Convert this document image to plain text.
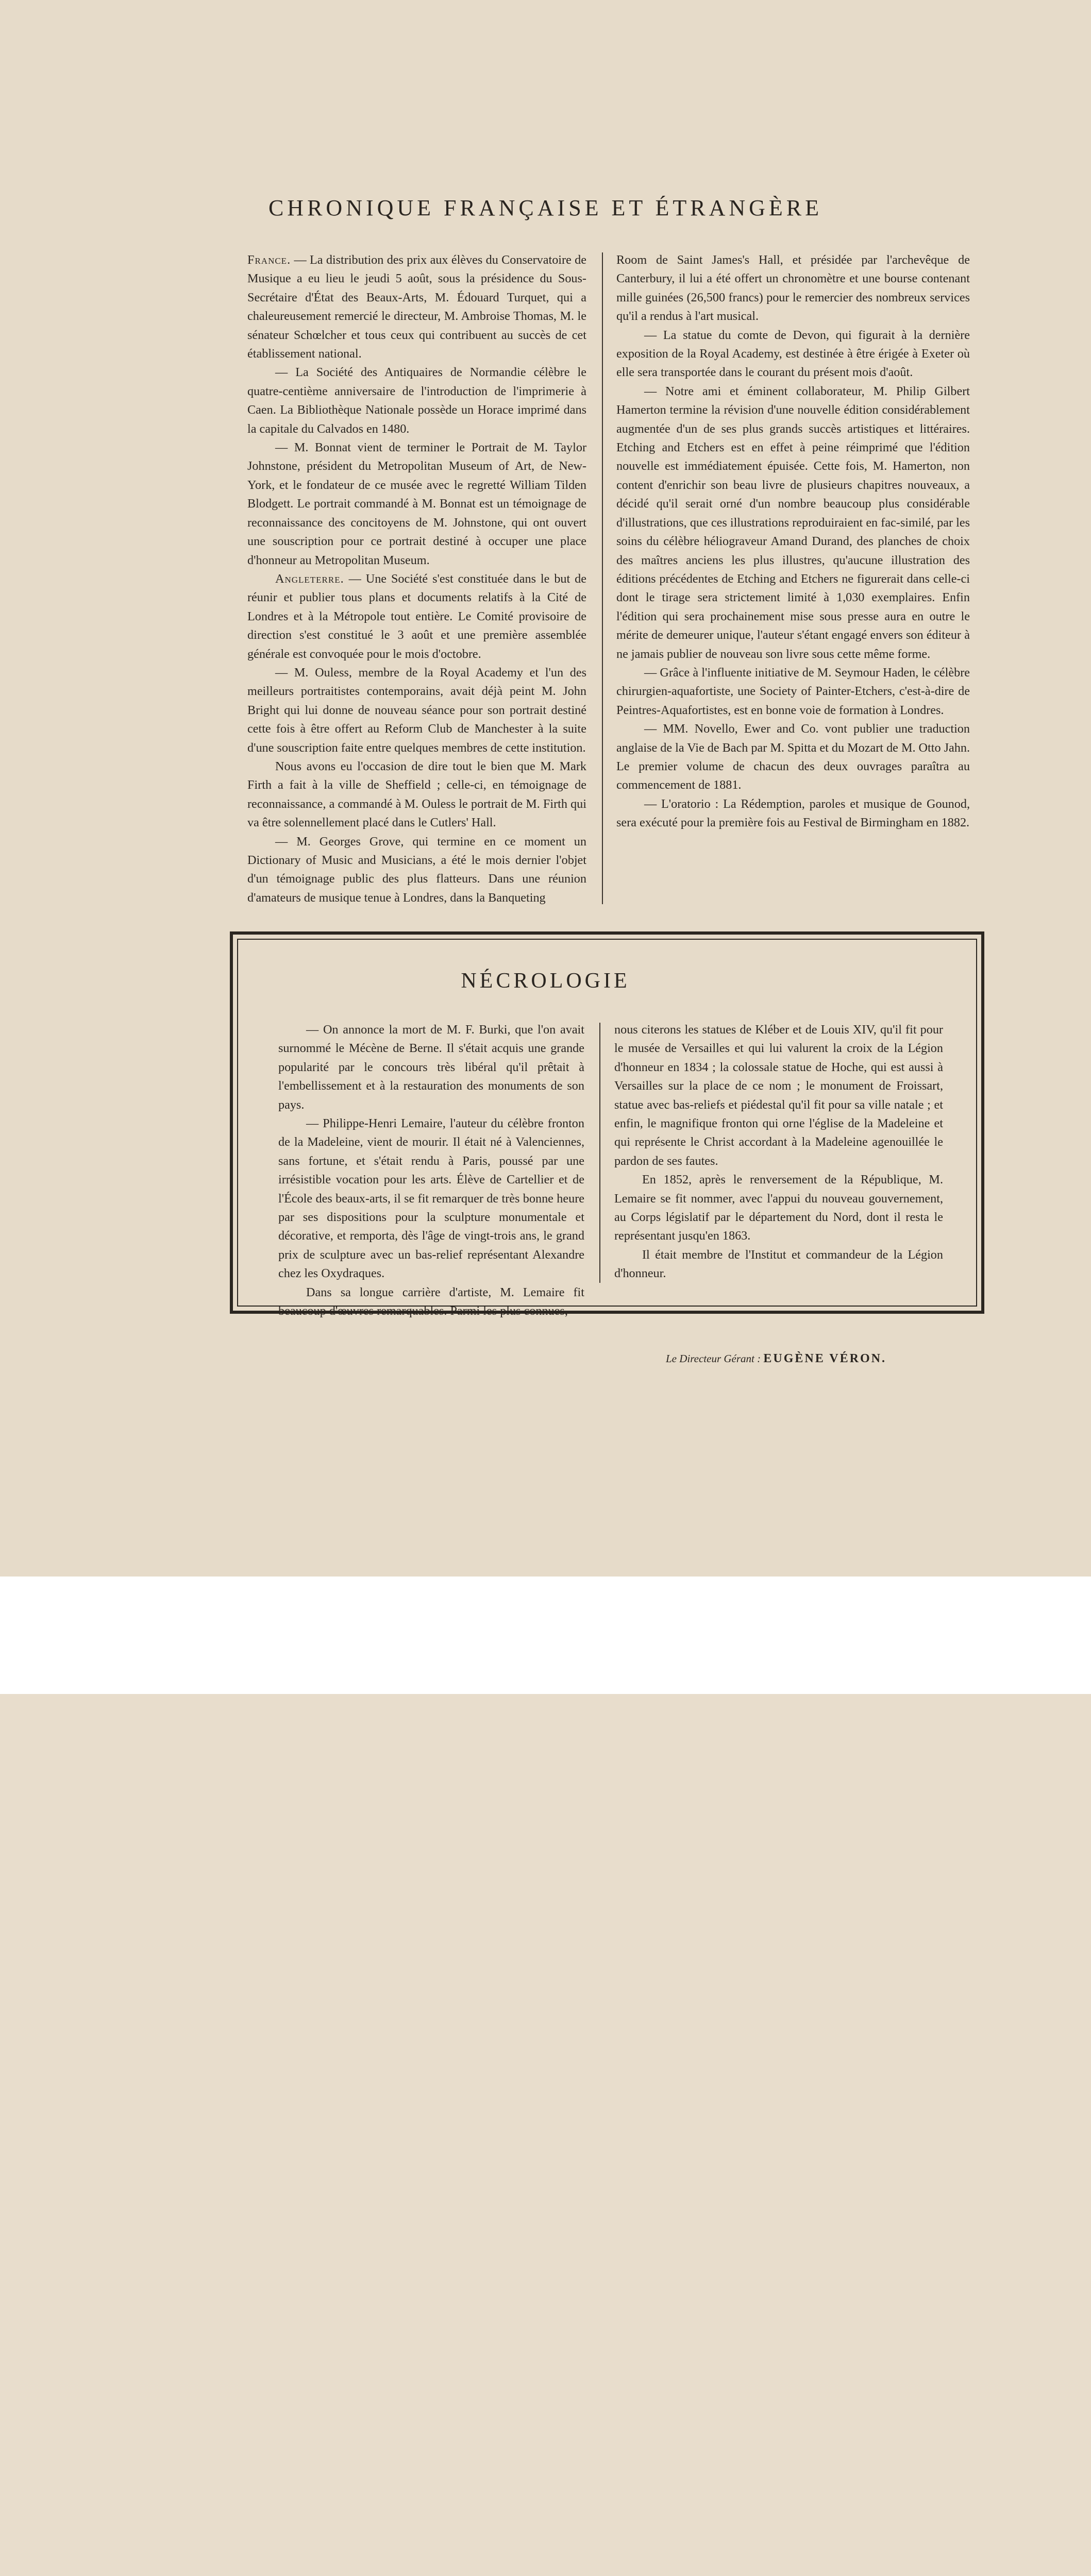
CHRONIQUE FRANÇAISE ET ÉTRANGÈRE

France. — La distribution des prix aux élèves du Conservatoire de Musique a eu lieu le jeudi 5 août, sous la présidence du Sous-Secrétaire d'État des Beaux-Arts, M. Édouard Turquet, qui a chaleureusement remercié le directeur, M. Ambroise Thomas, M. le sénateur Schœlcher et tous ceux qui contribuent au succès de cet établissement national.

— La Société des Antiquaires de Normandie célèbre le quatre-centième anniversaire de l'introduction de l'imprimerie à Caen. La Bibliothèque Nationale possède un Horace imprimé dans la capitale du Calvados en 1480.

— M. Bonnat vient de terminer le Portrait de M. Taylor Johnstone, président du Metropolitan Museum of Art, de New-York, et le fondateur de ce musée avec le regretté William Tilden Blodgett. Le portrait commandé à M. Bonnat est un témoignage de reconnaissance des concitoyens de M. Johnstone, qui ont ouvert une souscription pour ce portrait destiné à occuper une place d'honneur au Metropolitan Museum.

Angleterre. — Une Société s'est constituée dans le but de réunir et publier tous plans et documents relatifs à la Cité de Londres et à la Métropole tout entière. Le Comité provisoire de direction s'est constitué le 3 août et une première assemblée générale est convoquée pour le mois d'octobre.

— M. Ouless, membre de la Royal Academy et l'un des meilleurs portraitistes contemporains, avait déjà peint M. John Bright qui lui donne de nouveau séance pour son portrait destiné cette fois à être offert au Reform Club de Manchester à la suite d'une souscription faite entre quelques membres de cette institution.

Nous avons eu l'occasion de dire tout le bien que M. Mark Firth a fait à la ville de Sheffield ; celle-ci, en témoignage de reconnaissance, a commandé à M. Ouless le portrait de M. Firth qui va être solennellement placé dans le Cutlers' Hall.

— M. Georges Grove, qui termine en ce moment un Dictionary of Music and Musicians, a été le mois dernier l'objet d'un témoignage public des plus flatteurs. Dans une réunion d'amateurs de musique tenue à Londres, dans la Banqueting

Room de Saint James's Hall, et présidée par l'archevêque de Canterbury, il lui a été offert un chronomètre et une bourse contenant mille guinées (26,500 francs) pour le remercier des nombreux services qu'il a rendus à l'art musical.

— La statue du comte de Devon, qui figurait à la dernière exposition de la Royal Academy, est destinée à être érigée à Exeter où elle sera transportée dans le courant du présent mois d'août.

— Notre ami et éminent collaborateur, M. Philip Gilbert Hamerton termine la révision d'une nouvelle édition considérablement augmentée d'un de ses plus grands succès artistiques et littéraires. Etching and Etchers est en effet à peine réimprimé que l'édition nouvelle est immédiatement épuisée. Cette fois, M. Hamerton, non content d'enrichir son beau livre de plusieurs chapitres nouveaux, a décidé qu'il serait orné d'un nombre beaucoup plus considérable d'illustrations, que ces illustrations reproduiraient en fac-similé, par les soins du célèbre héliograveur Amand Durand, des planches de choix des maîtres anciens les plus illustres, qu'aucune illustration des éditions précédentes de Etching and Etchers ne figurerait dans celle-ci dont le tirage sera strictement limité à 1,030 exemplaires. Enfin l'édition qui sera prochainement mise sous presse aura en outre le mérite de demeurer unique, l'auteur s'étant engagé envers son éditeur à ne jamais publier de nouveau son livre sous cette même forme.

— Grâce à l'influente initiative de M. Seymour Haden, le célèbre chirurgien-aquafortiste, une Society of Painter-Etchers, c'est-à-dire de Peintres-Aquafortistes, est en bonne voie de formation à Londres.

— MM. Novello, Ewer and Co. vont publier une traduction anglaise de la Vie de Bach par M. Spitta et du Mozart de M. Otto Jahn. Le premier volume de chacun des deux ouvrages paraîtra au commencement de 1881.

— L'oratorio : La Rédemption, paroles et musique de Gounod, sera exécuté pour la première fois au Festival de Birmingham en 1882.

NÉCROLOGIE

— On annonce la mort de M. F. Burki, que l'on avait surnommé le Mécène de Berne. Il s'était acquis une grande popularité par le concours très libéral qu'il prêtait à l'embellissement et à la restauration des monuments de son pays.

— Philippe-Henri Lemaire, l'auteur du célèbre fronton de la Madeleine, vient de mourir. Il était né à Valenciennes, sans fortune, et s'était rendu à Paris, poussé par une irrésistible vocation pour les arts. Élève de Cartellier et de l'École des beaux-arts, il se fit remarquer de très bonne heure par ses dispositions pour la sculpture monumentale et décorative, et remporta, dès l'âge de vingt-trois ans, le grand prix de sculpture avec un bas-relief représentant Alexandre chez les Oxydraques.

Dans sa longue carrière d'artiste, M. Lemaire fit beaucoup d'œuvres remarquables. Parmi les plus connues,

nous citerons les statues de Kléber et de Louis XIV, qu'il fit pour le musée de Versailles et qui lui valurent la croix de la Légion d'honneur en 1834 ; la colossale statue de Hoche, qui est aussi à Versailles sur la place de ce nom ; le monument de Froissart, statue avec bas-reliefs et piédestal qu'il fit pour sa ville natale ; et enfin, le magnifique fronton qui orne l'église de la Madeleine et qui représente le Christ accordant à la Madeleine agenouillée le pardon de ses fautes.

En 1852, après le renversement de la République, M. Lemaire se fit nommer, avec l'appui du nouveau gouvernement, au Corps législatif par le département du Nord, dont il resta le représentant jusqu'en 1863.

Il était membre de l'Institut et commandeur de la Légion d'honneur.

Le Directeur Gérant : EUGÈNE VÉRON.
